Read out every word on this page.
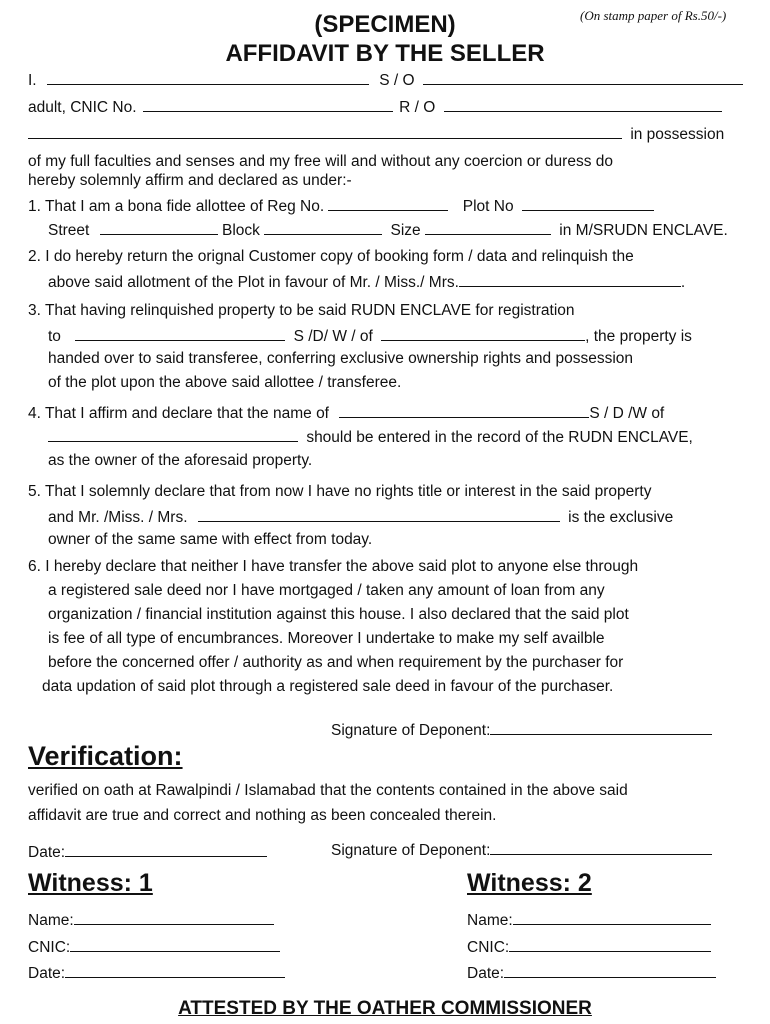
(On stamp paper of Rs.50/-)
(SPECIMEN)
AFFIDAVIT BY THE SELLER
I.	S / O
adult, CNIC No.	R / O
in possession
of my full faculties and senses and my free will and without any coercion or duress do
hereby solemnly affirm and declared as under:-
1. That I am a bona fide allottee of Reg No.	Plot No
Street	Block	Size	in M/SRUDN ENCLAVE.
2. I do hereby return the orignal Customer copy of booking form / data and relinquish the
above said allotment of the Plot in favour of Mr. / Miss./ Mrs.	.
3. That having relinquished property to be said RUDN ENCLAVE for registration
to	S /D/ W / of	, the property is
handed over to said transferee, conferring exclusive ownership rights and possession
of the plot upon the above said allottee / transferee.
4. That I affirm and declare that the name of	S / D /W of
should be entered in the record of the RUDN ENCLAVE,
as the owner of the aforesaid property.
5. That I solemnly declare that from now I have no rights title or interest in the said property
and Mr. /Miss. / Mrs.	is the exclusive
owner of the same same with effect from today.
6. I hereby declare that neither I have transfer the above said plot to anyone else through
a registered sale deed nor I have mortgaged / taken any amount of loan from any
organization / financial institution against this house. I also declared that the said plot
is fee of all type of encumbrances. Moreover I undertake to make my self availble
before the concerned offer / authority as and when requirement by the purchaser for
data updation of said plot through a registered sale deed in favour of the purchaser.
Signature of Deponent:
Verification:
verified on oath at Rawalpindi / Islamabad that the contents contained in the above said
affidavit are true and correct and nothing as been concealed therein.
Date:	Signature of Deponent:
Witness: 1
Name:
CNIC:
Date:
Witness: 2
Name:
CNIC:
Date:
ATTESTED BY THE OATHER COMMISSIONER
